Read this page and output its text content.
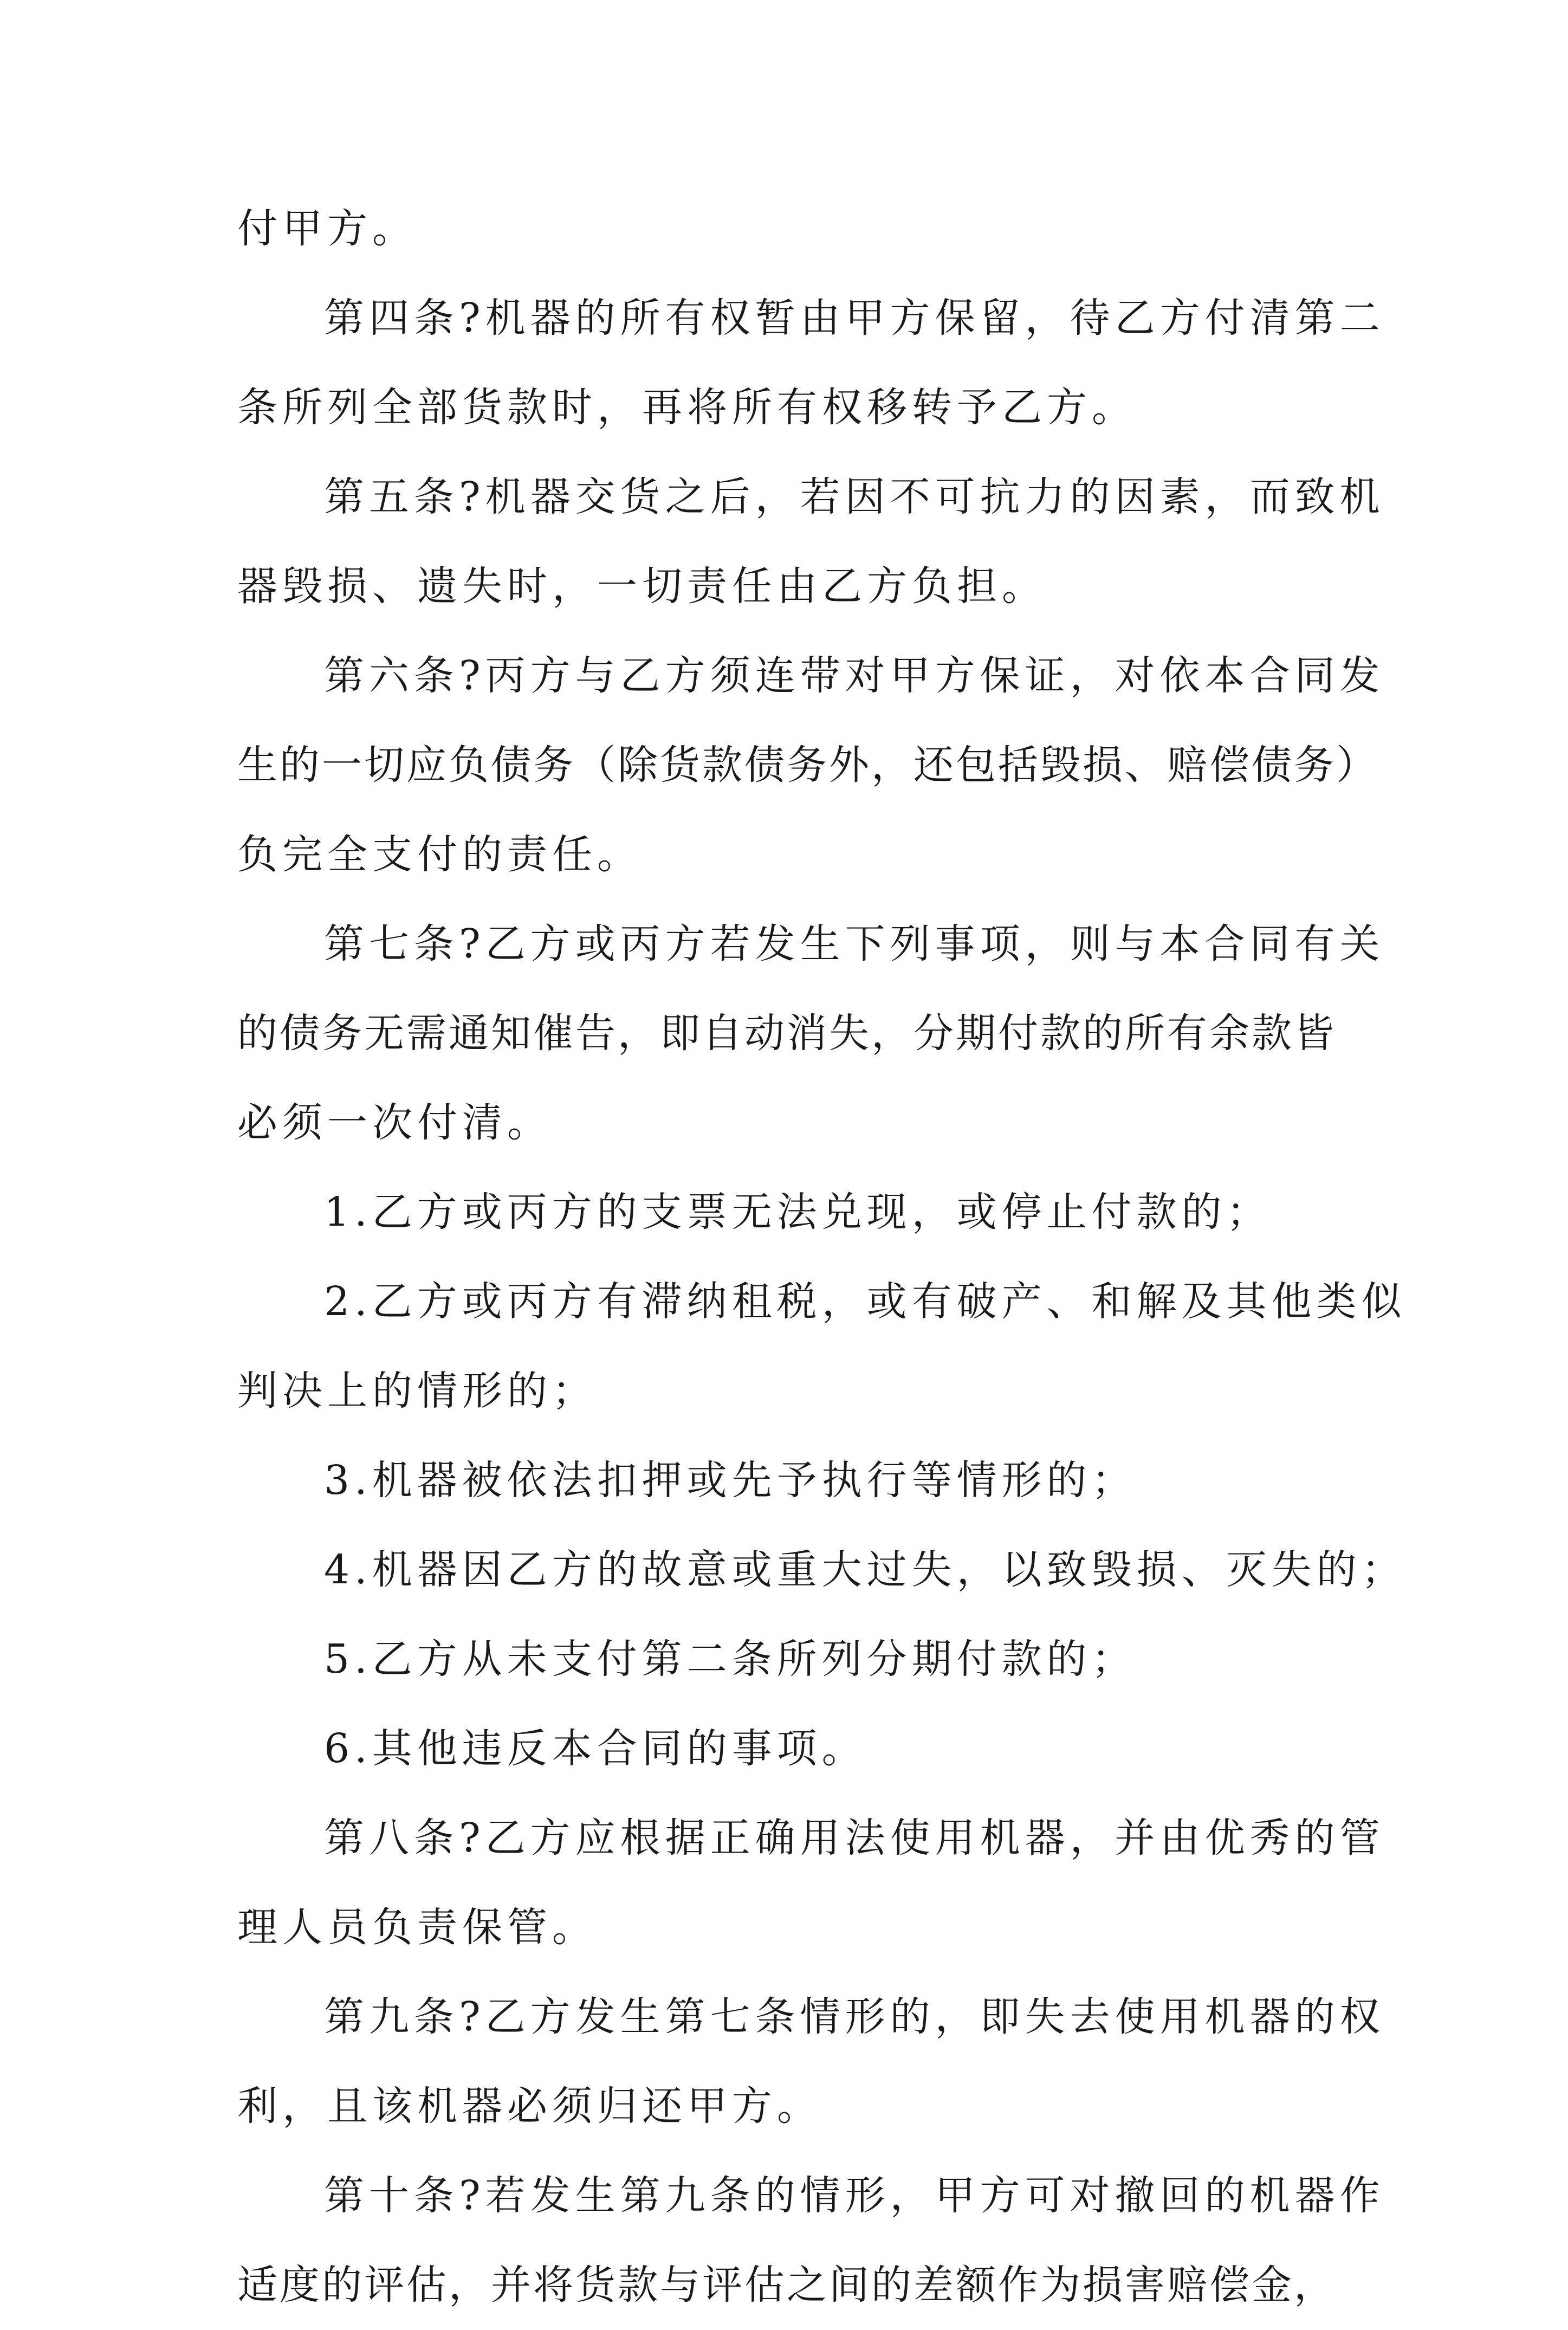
付甲方。
第四条?机器的所有权暂由甲方保留，待乙方付清第二
条所列全部货款时，再将所有权移转予乙方。
第五条?机器交货之后，若因不可抗力的因素，而致机
器毁损、遗失时，一切责任由乙方负担。
第六条?丙方与乙方须连带对甲方保证，对依本合同发
生的一切应负债务（除货款债务外，还包括毁损、赔偿债务）
负完全支付的责任。
第七条?乙方或丙方若发生下列事项，则与本合同有关
的债务无需通知催告，即自动消失，分期付款的所有余款皆
必须一次付清。
1.乙方或丙方的支票无法兑现，或停止付款的；
2.乙方或丙方有滞纳租税，或有破产、和解及其他类似
判决上的情形的；
3.机器被依法扣押或先予执行等情形的；
4.机器因乙方的故意或重大过失，以致毁损、灭失的；
5.乙方从未支付第二条所列分期付款的；
6.其他违反本合同的事项。
第八条?乙方应根据正确用法使用机器，并由优秀的管
理人员负责保管。
第九条?乙方发生第七条情形的，即失去使用机器的权
利，且该机器必须归还甲方。
第十条?若发生第九条的情形，甲方可对撤回的机器作
适度的评估，并将货款与评估之间的差额作为损害赔偿金，
